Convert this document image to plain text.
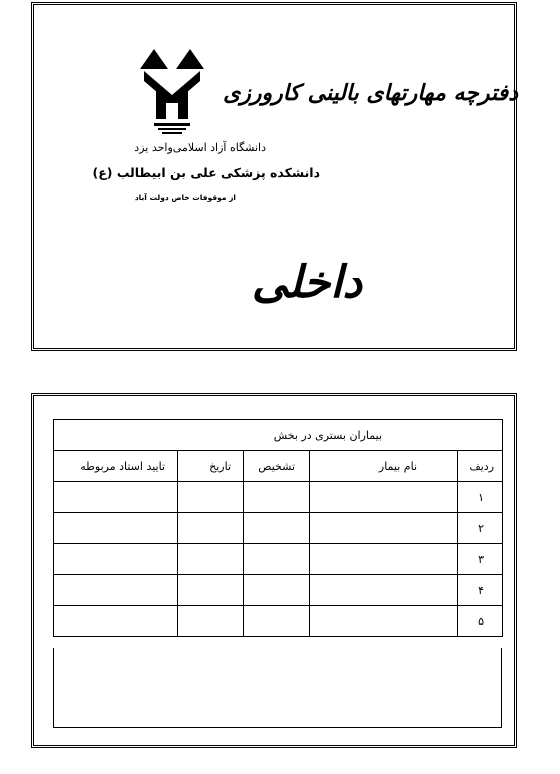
دانشگاه آزاد اسلامی‌واحد یزد
دانشکده پزشکی علی بن ابیطالب (ع)
از موقوفات خاص دولت آباد
دفترچه مهارتهای بالینی کارورزی
داخلی
بیماران بستری در بخش				
ردیف	نام بیمار	تشخیص	تاریخ	تایید استاد مربوطه
۱				
۲				
۳				
۴				
۵				
